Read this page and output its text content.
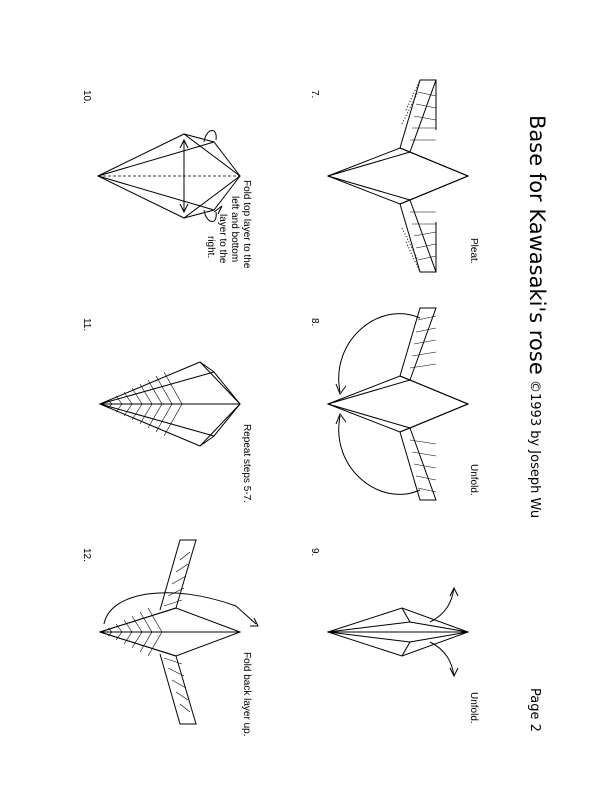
Base for Kawasaki's rose
©1993 by Joseph Wu
Page 2
7.
8.
9.
10.
11.
12.
Pleat.
Unfold.
Unfold.
Fold top layer to the
left and bottom
layer to the
right.
Repeat steps 5-7.
Fold back layer up.
